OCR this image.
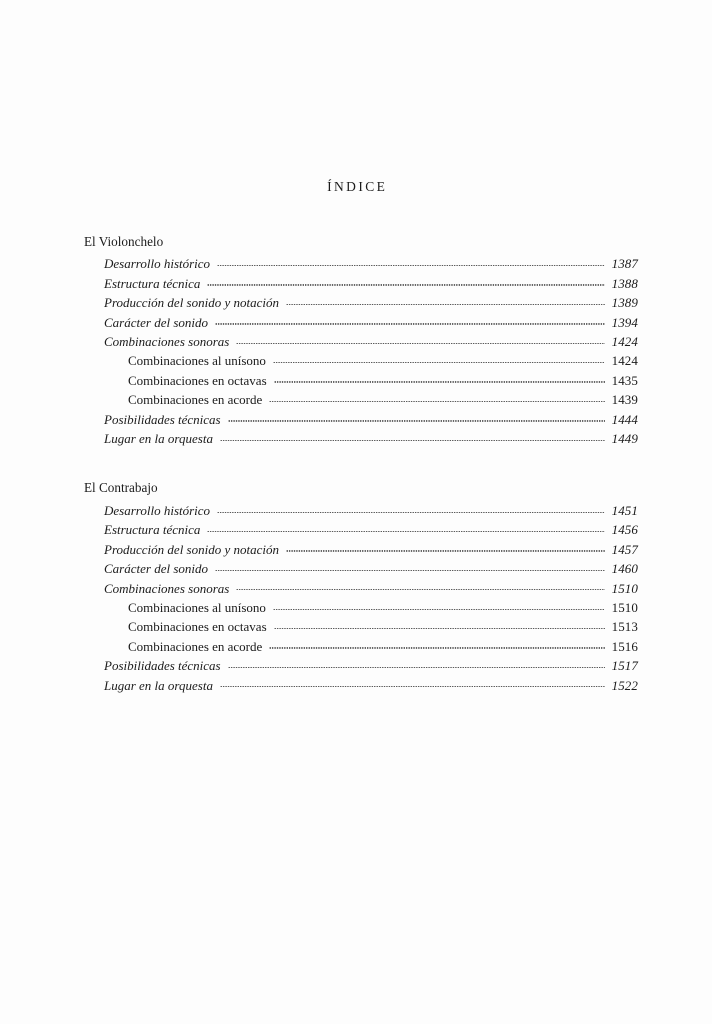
ÍNDICE
El Violonchelo
Desarrollo histórico	1387
Estructura técnica	1388
Producción del sonido y notación	1389
Carácter del sonido	1394
Combinaciones sonoras	1424
Combinaciones al unísono	1424
Combinaciones en octavas	1435
Combinaciones en acorde	1439
Posibilidades técnicas	1444
Lugar en la orquesta	1449
El Contrabajo
Desarrollo histórico	1451
Estructura técnica	1456
Producción del sonido y notación	1457
Carácter del sonido	1460
Combinaciones sonoras	1510
Combinaciones al unísono	1510
Combinaciones en octavas	1513
Combinaciones en acorde	1516
Posibilidades técnicas	1517
Lugar en la orquesta	1522
